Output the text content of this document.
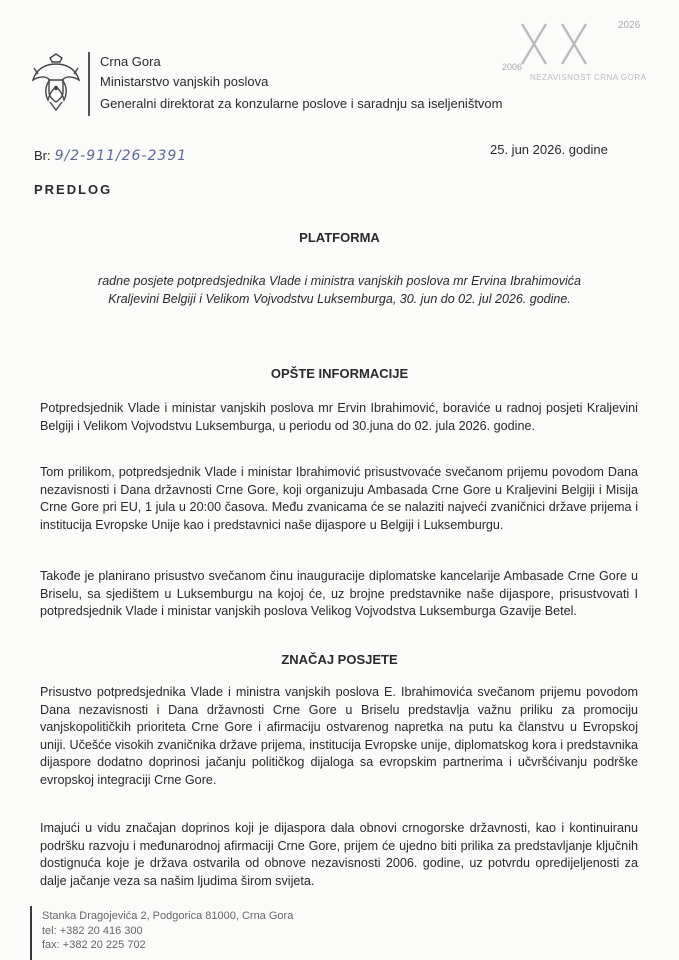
Crna Gora
Ministarstvo vanjskih poslova
Generalni direktorat za konzularne poslove i saradnju sa iseljeništvom
2026
2006
NEZAVISNOST CRNA GORA
Br: 9/2-911/26-2391	25. jun 2026. godine
PREDLOG
PLATFORMA
radne posjete potpredsjednika Vlade i ministra vanjskih poslova mr Ervina Ibrahimovića
Kraljevini Belgiji i Velikom Vojvodstvu Luksemburga, 30. jun do 02. jul 2026. godine.
OPŠTE INFORMACIJE
Potpredsjednik Vlade i ministar vanjskih poslova mr Ervin Ibrahimović, boraviće u radnoj posjeti Kraljevini Belgiji i Velikom Vojvodstvu Luksemburga, u periodu od 30.juna do 02. jula 2026. godine.
Tom prilikom, potpredsjednik Vlade i ministar Ibrahimović prisustvovaće svečanom prijemu povodom Dana nezavisnosti i Dana državnosti Crne Gore, koji organizuju Ambasada Crne Gore u Kraljevini Belgiji i Misija Crne Gore pri EU, 1 jula u 20:00 časova. Među zvanicama će se nalaziti najveći zvaničnici države prijema i institucija Evropske Unije kao i predstavnici naše dijaspore u Belgiji i Luksemburgu.
Takođe je planirano prisustvo svečanom činu inauguracije diplomatske kancelarije Ambasade Crne Gore u Briselu, sa sjedištem u Luksemburgu na kojoj će, uz brojne predstavnike naše dijaspore, prisustvovati I potpredsjednik Vlade i ministar vanjskih poslova Velikog Vojvodstva Luksemburga Gzavije Betel.
ZNAČAJ POSJETE
Prisustvo potpredsjednika Vlade i ministra vanjskih poslova E. Ibrahimovića svečanom prijemu povodom Dana nezavisnosti i Dana državnosti Crne Gore u Briselu predstavlja važnu priliku za promociju vanjskopolitičkih prioriteta Crne Gore i afirmaciju ostvarenog napretka na putu ka članstvu u Evropskoj uniji. Učešće visokih zvaničnika države prijema, institucija Evropske unije, diplomatskog kora i predstavnika dijaspore dodatno doprinosi jačanju političkog dijaloga sa evropskim partnerima i učvršćivanju podrške evropskoj integraciji Crne Gore.
Imajući u vidu značajan doprinos koji je dijaspora dala obnovi crnogorske državnosti, kao i kontinuiranu podršku razvoju i međunarodnoj afirmaciji Crne Gore, prijem će ujedno biti prilika za predstavljanje ključnih dostignuća koje je država ostvarila od obnove nezavisnosti 2006. godine, uz potvrdu opredijeljenosti za dalje jačanje veza sa našim ljudima širom svijeta.
Stanka Dragojevića 2, Podgorica 81000, Crna Gora
tel: +382 20 416 300
fax: +382 20 225 702
